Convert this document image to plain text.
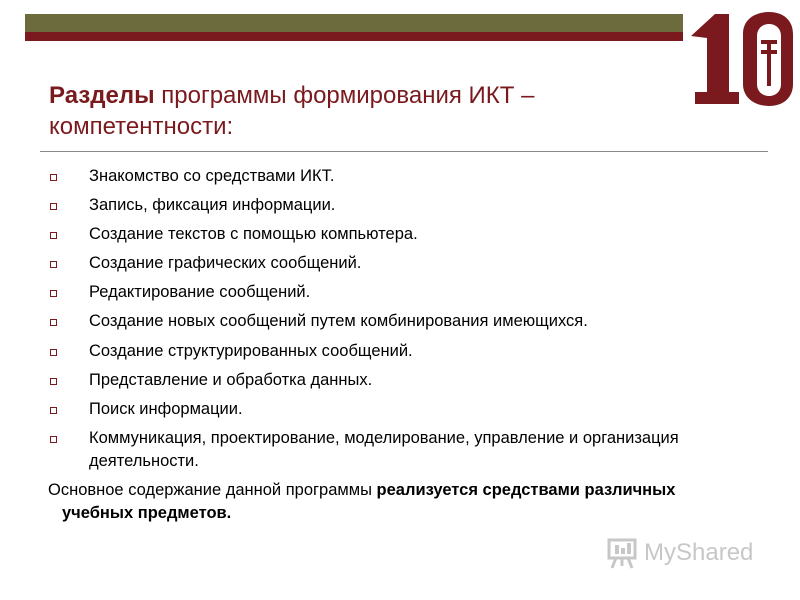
Разделы программы формирования ИКТ – компетентности:
Знакомство со средствами ИКТ.
Запись, фиксация информации.
Создание текстов с помощью компьютера.
Создание графических сообщений.
Редактирование сообщений.
Создание новых сообщений путем комбинирования имеющихся.
Создание структурированных сообщений.
Представление и обработка данных.
Поиск информации.
Коммуникация, проектирование, моделирование, управление и организация деятельности.
Основное содержание данной программы реализуется средствами различных учебных предметов.
MyShared
